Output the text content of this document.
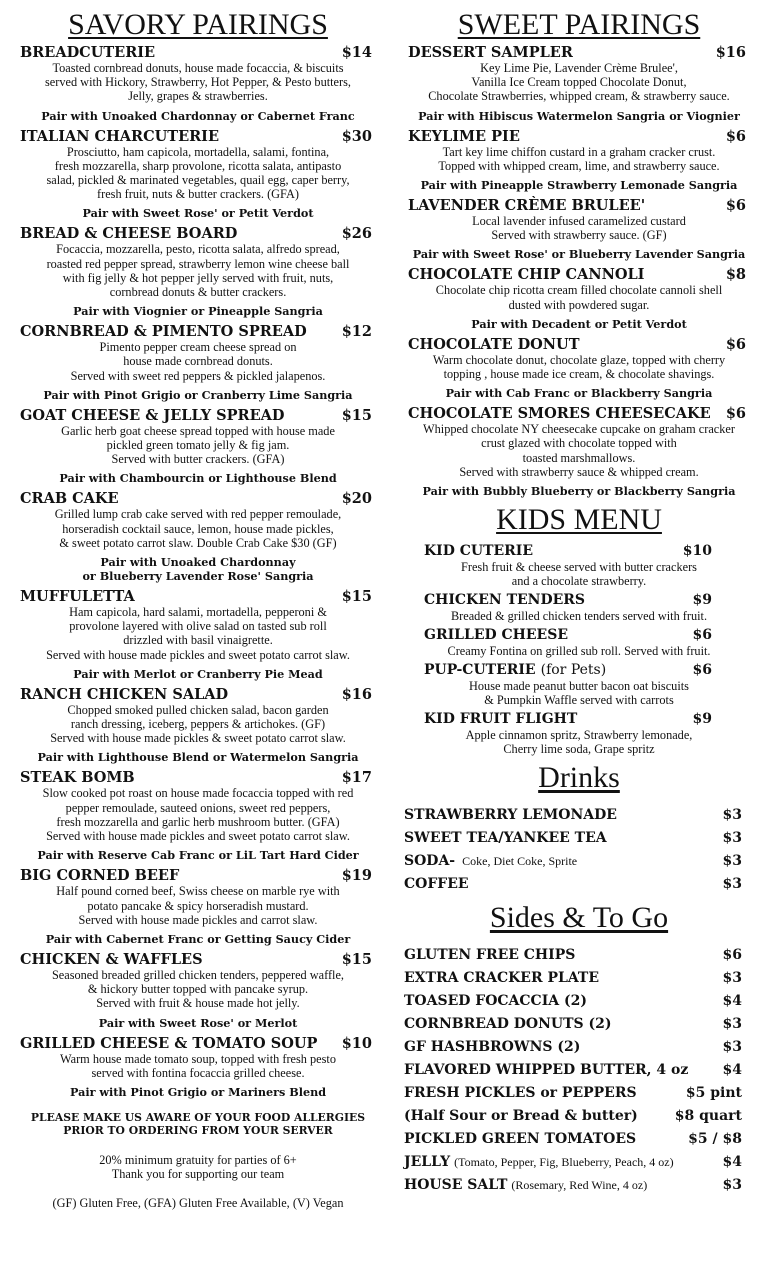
SAVORY PAIRINGS
BREADCUTERIE	$14
Toasted cornbread donuts, house made focaccia, & biscuits
served with Hickory, Strawberry, Hot Pepper, & Pesto butters,
Jelly, grapes & strawberries.
Pair with Unoaked Chardonnay or Cabernet Franc
ITALIAN CHARCUTERIE	$30
Prosciutto, ham capicola, mortadella, salami, fontina,
fresh mozzarella, sharp provolone, ricotta salata, antipasto
salad, pickled & marinated vegetables, quail egg, caper berry,
fresh fruit, nuts & butter crackers. (GFA)
Pair with Sweet Rose' or Petit Verdot
BREAD & CHEESE BOARD	$26
Focaccia, mozzarella, pesto, ricotta salata, alfredo spread,
roasted red pepper spread, strawberry lemon wine cheese ball
with fig jelly & hot pepper jelly served with fruit, nuts,
cornbread donuts & butter crackers.
Pair with Viognier or Pineapple Sangria
CORNBREAD & PIMENTO SPREAD $12
Pimento pepper cream cheese spread on
house made cornbread donuts.
Served with sweet red peppers & pickled jalapenos.
Pair with Pinot Grigio or Cranberry Lime Sangria
GOAT CHEESE & JELLY SPREAD	$15
Garlic herb goat cheese spread topped with house made
pickled green tomato jelly & fig jam.
Served with butter crackers. (GFA)
Pair with Chambourcin or Lighthouse Blend
CRAB CAKE	$20
Grilled lump crab cake served with red pepper remoulade,
horseradish cocktail sauce, lemon, house made pickles,
& sweet potato carrot slaw. Double Crab Cake $30 (GF)
Pair with Unoaked Chardonnay
or Blueberry Lavender Rose' Sangria
MUFFULETTA	$15
Ham capicola, hard salami, mortadella, pepperoni &
provolone layered with olive salad on tasted sub roll
drizzled with basil vinaigrette.
Served with house made pickles and sweet potato carrot slaw.
Pair with Merlot or Cranberry Pie Mead
RANCH CHICKEN SALAD	$16
Chopped smoked pulled chicken salad, bacon garden
ranch dressing, iceberg, peppers & artichokes. (GF)
Served with house made pickles & sweet potato carrot slaw.
Pair with Lighthouse Blend or Watermelon Sangria
STEAK BOMB	$17
Slow cooked pot roast on house made focaccia topped with red
pepper remoulade, sauteed onions, sweet red peppers,
fresh mozzarella and garlic herb mushroom butter. (GFA)
Served with house made pickles and sweet potato carrot slaw.
Pair with Reserve Cab Franc or LiL Tart Hard Cider
BIG CORNED BEEF	$19
Half pound corned beef, Swiss cheese on marble rye with
potato pancake & spicy horseradish mustard.
Served with house made pickles and carrot slaw.
Pair with Cabernet Franc or Getting Saucy Cider
CHICKEN & WAFFLES	$15
Seasoned breaded grilled chicken tenders, peppered waffle,
& hickory butter topped with pancake syrup.
Served with fruit & house made hot jelly.
Pair with Sweet Rose' or Merlot
GRILLED CHEESE & TOMATO SOUP $10
Warm house made tomato soup, topped with fresh pesto
served with fontina focaccia grilled cheese.
Pair with Pinot Grigio or Mariners Blend
PLEASE MAKE US AWARE OF YOUR FOOD ALLERGIES
PRIOR TO ORDERING FROM YOUR SERVER
20% minimum gratuity for parties of 6+
Thank you for supporting our team
(GF) Gluten Free, (GFA) Gluten Free Available, (V) Vegan
SWEET PAIRINGS
DESSERT SAMPLER	$16
Key Lime Pie, Lavender Crème Brulee',
Vanilla Ice Cream topped Chocolate Donut,
Chocolate Strawberries, whipped cream, & strawberry sauce.
Pair with Hibiscus Watermelon Sangria or Viognier
KEYLIME PIE	$6
Tart key lime chiffon custard in a graham cracker crust.
Topped with whipped cream, lime, and strawberry sauce.
Pair with Pineapple Strawberry Lemonade Sangria
LAVENDER CRÈME BRULEE'	$6
Local lavender infused caramelized custard
Served with strawberry sauce. (GF)
Pair with Sweet Rose' or Blueberry Lavender Sangria
CHOCOLATE CHIP CANNOLI	$8
Chocolate chip ricotta cream filled chocolate cannoli shell
dusted with powdered sugar.
Pair with Decadent or Petit Verdot
CHOCOLATE DONUT	$6
Warm chocolate donut, chocolate glaze, topped with cherry
topping , house made ice cream, & chocolate shavings.
Pair with Cab Franc or Blackberry Sangria
CHOCOLATE SMORES CHEESECAKE $6
Whipped chocolate NY cheesecake cupcake on graham cracker
crust glazed with chocolate topped with
toasted marshmallows.
Served with strawberry sauce & whipped cream.
Pair with Bubbly Blueberry or Blackberry Sangria
KIDS MENU
KID CUTERIE	$10
Fresh fruit & cheese served with butter crackers
and a chocolate strawberry.
CHICKEN TENDERS	$9
Breaded & grilled chicken tenders served with fruit.
GRILLED CHEESE	$6
Creamy Fontina on grilled sub roll. Served with fruit.
PUP-CUTERIE (for Pets)	$6
House made peanut butter bacon oat biscuits
& Pumpkin Waffle served with carrots
KID FRUIT FLIGHT	$9
Apple cinnamon spritz, Strawberry lemonade,
Cherry lime soda, Grape spritz
Drinks
STRAWBERRY LEMONADE	$3
SWEET TEA/YANKEE TEA	$3
SODA- Coke, Diet Coke, Sprite	$3
COFFEE	$3
Sides & To Go
GLUTEN FREE CHIPS	$6
EXTRA CRACKER PLATE	$3
TOASED FOCACCIA (2)	$4
CORNBREAD DONUTS (2)	$3
GF HASHBROWNS (2)	$3
FLAVORED WHIPPED BUTTER, 4 oz $4
FRESH PICKLES or PEPPERS	$5 pint
(Half Sour or Bread & butter)	$8 quart
PICKLED GREEN TOMATOES	$5 / $8
JELLY (Tomato, Pepper, Fig, Blueberry, Peach, 4 oz)	$4
HOUSE SALT (Rosemary, Red Wine, 4 oz)	$3
